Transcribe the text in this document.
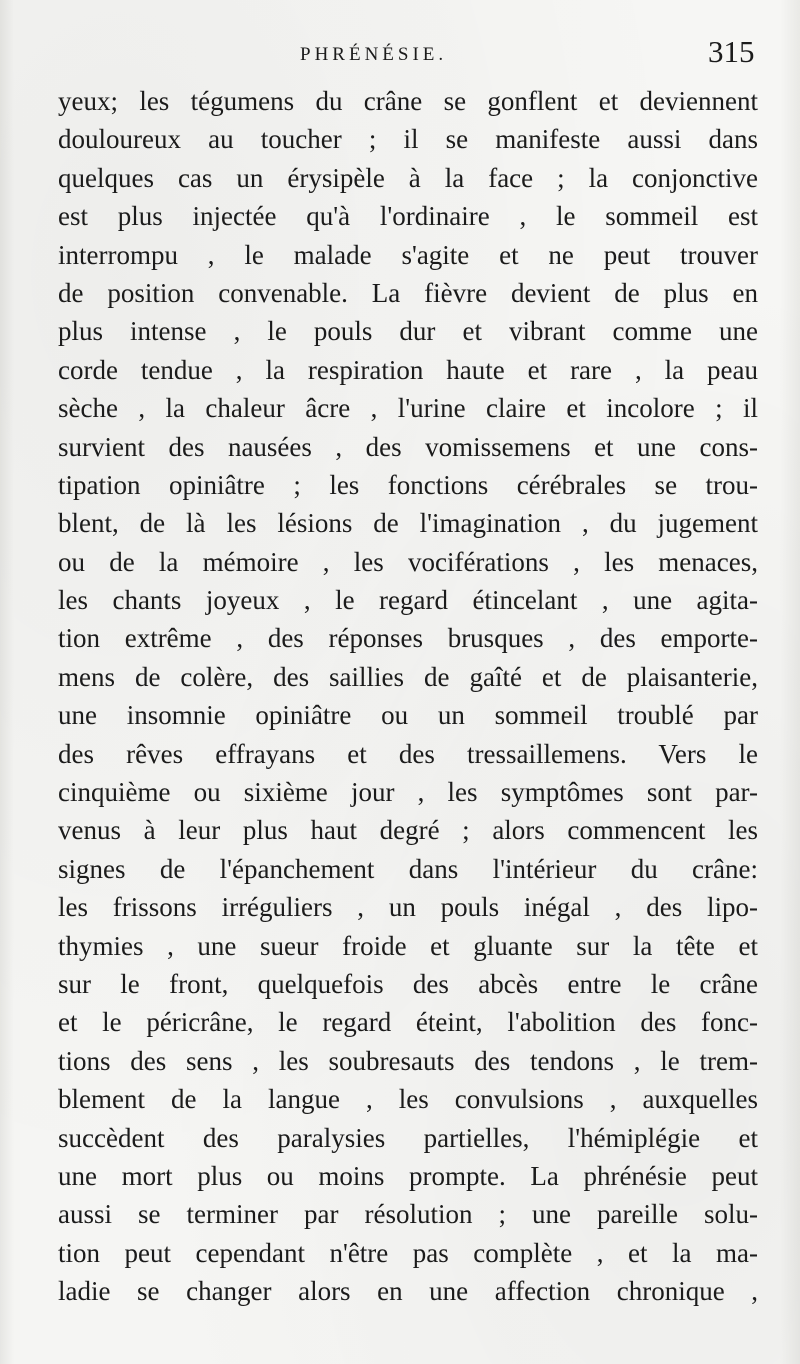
PHRÉNÉSIE.	315
yeux; les tégumens du crâne se gonflent et deviennent
douloureux au toucher ; il se manifeste aussi dans
quelques cas un érysipèle à la face ; la conjonctive
est plus injectée qu'à l'ordinaire , le sommeil est
interrompu , le malade s'agite et ne peut trouver
de position convenable. La fièvre devient de plus en
plus intense , le pouls dur et vibrant comme une
corde tendue , la respiration haute et rare , la peau
sèche , la chaleur âcre , l'urine claire et incolore ; il
survient des nausées , des vomissemens et une cons-
tipation opiniâtre ; les fonctions cérébrales se trou-
blent, de là les lésions de l'imagination , du jugement
ou de la mémoire , les vociférations , les menaces,
les chants joyeux , le regard étincelant , une agita-
tion extrême , des réponses brusques , des emporte-
mens de colère, des saillies de gaîté et de plaisanterie,
une insomnie opiniâtre ou un sommeil troublé par
des rêves effrayans et des tressaillemens. Vers le
cinquième ou sixième jour , les symptômes sont par-
venus à leur plus haut degré ; alors commencent les
signes de l'épanchement dans l'intérieur du crâne:
les frissons irréguliers , un pouls inégal , des lipo-
thymies , une sueur froide et gluante sur la tête et
sur le front, quelquefois des abcès entre le crâne
et le péricrâne, le regard éteint, l'abolition des fonc-
tions des sens , les soubresauts des tendons , le trem-
blement de la langue , les convulsions , auxquelles
succèdent des paralysies partielles, l'hémiplégie et
une mort plus ou moins prompte. La phrénésie peut
aussi se terminer par résolution ; une pareille solu-
tion peut cependant n'être pas complète , et la ma-
ladie se changer alors en une affection chronique ,
